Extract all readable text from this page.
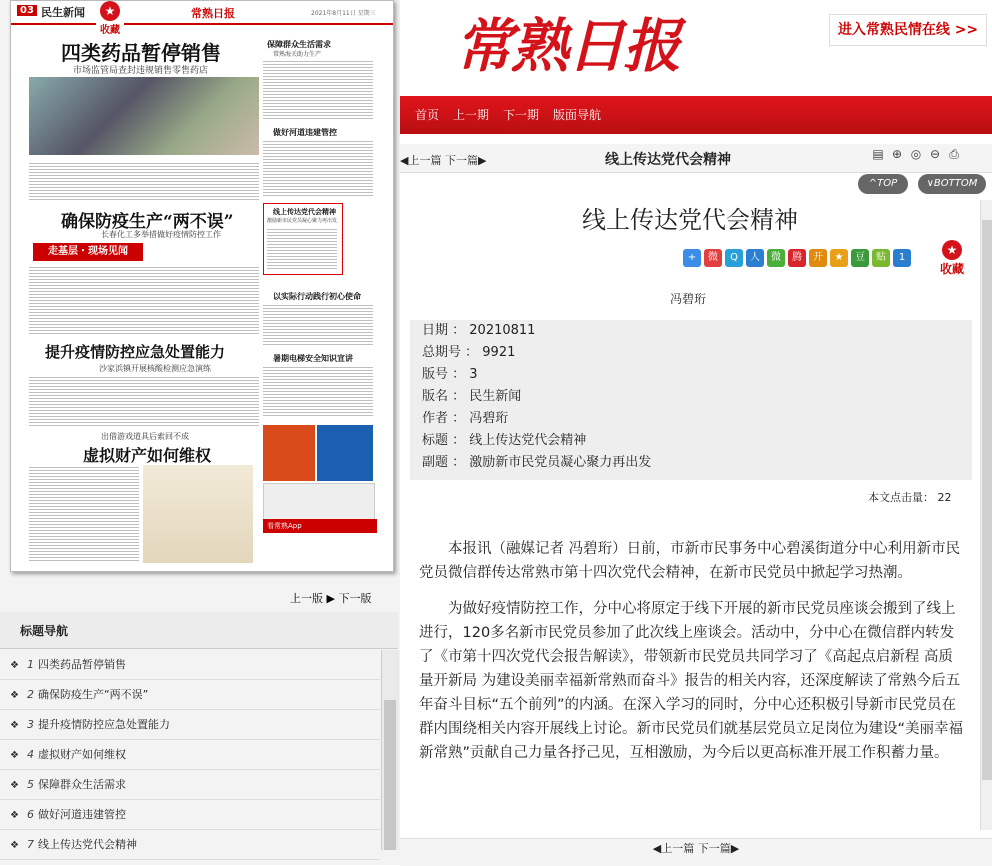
常熟日报	进入常熟民情在线 >>
首页 上一期 下一期 版面导航
03 民生新闻	常熟日报	2021年8月11日 星期三
★
收藏
四类药品暂停销售
市场监管局查封违规销售零售药店
确保防疫生产“两不误”
长春化工多举措做好疫情防控工作
走基层・现场见闻
提升疫情防控应急处置能力
沙家浜镇开展核酸检测应急演练
出借游戏道具后索回不成
虚拟财产如何维权
保障群众生活需求
常熟海关助力生产
做好河道违建管控
线上传达党代会精神
激励新市民党员凝心聚力再出发
以实际行动践行初心使命
暑期电梯安全知识宣讲
看常熟App
上一版 ▶ 下一版
标题导航
❖ 1 四类药品暂停销售
❖ 2 确保防疫生产“两不误”
❖ 3 提升疫情防控应急处置能力
❖ 4 虚拟财产如何维权
❖ 5 保障群众生活需求
❖ 6 做好河道违建管控
❖ 7 线上传达党代会精神
◀上一篇 下一篇▶	线上传达党代会精神	▤ ⊕ ◎ ⊖ ⎙
^TOP	∨BOTTOM
线上传达党代会精神
+	微	Q	人	微	腾	开	★	豆	贴	1
★
收藏
冯碧珩
日期 ： 20210811
总期号 ： 9921
版号 ： 3
版名 ： 民生新闻
作者 ： 冯碧珩
标题 ： 线上传达党代会精神
副题 ： 激励新市民党员凝心聚力再出发
本文点击量： 22

本报讯（融媒记者 冯碧珩）日前，市新市民事务中心碧溪街道分中心利用新市民党员微信群传达常熟市第十四次党代会精神，在新市民党员中掀起学习热潮。

为做好疫情防控工作，分中心将原定于线下开展的新市民党员座谈会搬到了线上进行，120多名新市民党员参加了此次线上座谈会。活动中，分中心在微信群内转发了《市第十四次党代会报告解读》，带领新市民党员共同学习了《高起点启新程 高质量开新局 为建设美丽幸福新常熟而奋斗》报告的相关内容，还深度解读了常熟今后五年奋斗目标“五个前列”的内涵。在深入学习的同时，分中心还积极引导新市民党员在群内围绕相关内容开展线上讨论。新市民党员们就基层党员立足岗位为建设“美丽幸福新常熟”贡献自己力量各抒己见，互相激励，为今后以更高标准开展工作积蓄力量。

◀上一篇 下一篇▶
